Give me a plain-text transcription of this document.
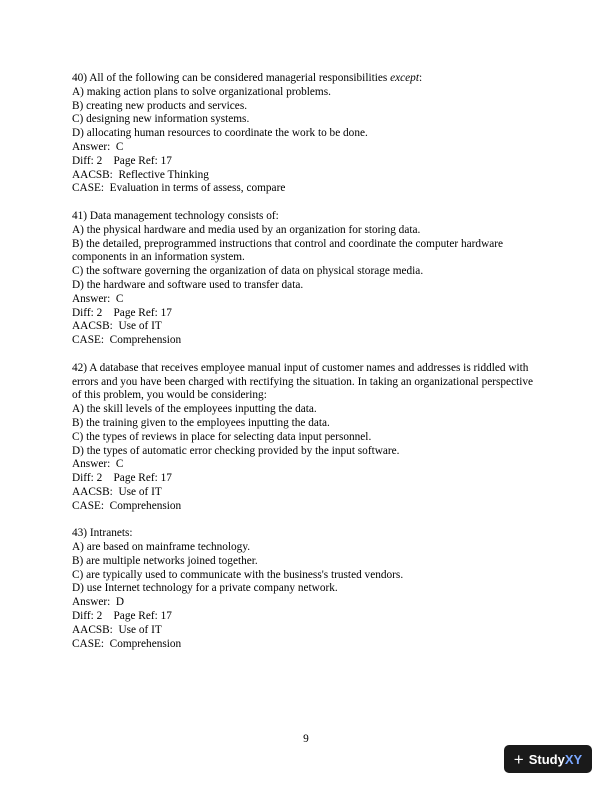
40) All of the following can be considered managerial responsibilities except:
A) making action plans to solve organizational problems.
B) creating new products and services.
C) designing new information systems.
D) allocating human resources to coordinate the work to be done.
Answer:  C
Diff: 2    Page Ref: 17
AACSB:  Reflective Thinking
CASE:  Evaluation in terms of assess, compare
41) Data management technology consists of:
A) the physical hardware and media used by an organization for storing data.
B) the detailed, preprogrammed instructions that control and coordinate the computer hardware components in an information system.
C) the software governing the organization of data on physical storage media.
D) the hardware and software used to transfer data.
Answer:  C
Diff: 2    Page Ref: 17
AACSB:  Use of IT
CASE:  Comprehension
42) A database that receives employee manual input of customer names and addresses is riddled with errors and you have been charged with rectifying the situation. In taking an organizational perspective of this problem, you would be considering:
A) the skill levels of the employees inputting the data.
B) the training given to the employees inputting the data.
C) the types of reviews in place for selecting data input personnel.
D) the types of automatic error checking provided by the input software.
Answer:  C
Diff: 2    Page Ref: 17
AACSB:  Use of IT
CASE:  Comprehension
43) Intranets:
A) are based on mainframe technology.
B) are multiple networks joined together.
C) are typically used to communicate with the business's trusted vendors.
D) use Internet technology for a private company network.
Answer:  D
Diff: 2    Page Ref: 17
AACSB:  Use of IT
CASE:  Comprehension
9
+ Study XY
